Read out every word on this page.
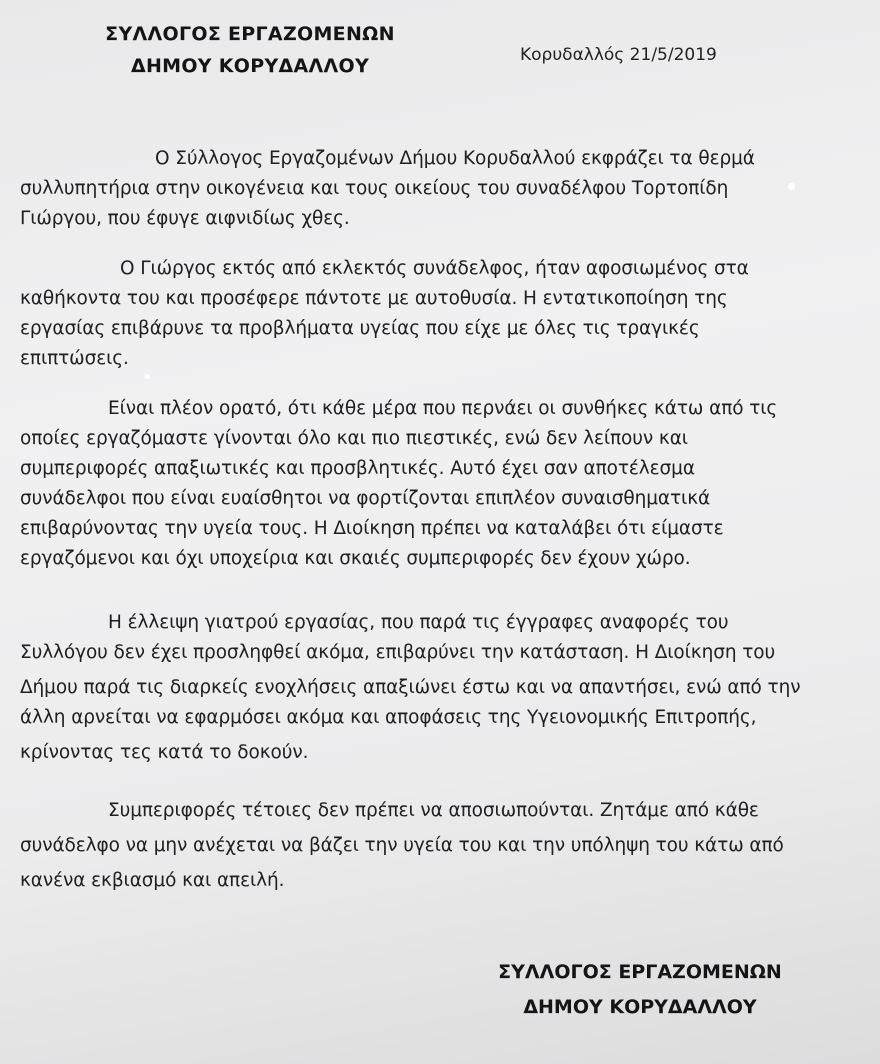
ΣΥΛΛΟΓΟΣ ΕΡΓΑΖΟΜΕΝΩΝ
ΔΗΜΟΥ ΚΟΡΥΔΑΛΛΟΥ	Κορυδαλλός 21/5/2019
Ο Σύλλογος Εργαζομένων Δήμου Κορυδαλλού εκφράζει τα θερμά
συλλυπητήρια στην οικογένεια και τους οικείους του συναδέλφου Τορτοπίδη
Γιώργου, που έφυγε αιφνιδίως χθες.
Ο Γιώργος εκτός από εκλεκτός συνάδελφος, ήταν αφοσιωμένος στα
καθήκοντα του και προσέφερε πάντοτε με αυτοθυσία. Η εντατικοποίηση της
εργασίας επιβάρυνε τα προβλήματα υγείας που είχε με όλες τις τραγικές
επιπτώσεις.
Είναι πλέον ορατό, ότι κάθε μέρα που περνάει οι συνθήκες κάτω από τις
οποίες εργαζόμαστε γίνονται όλο και πιο πιεστικές, ενώ δεν λείπουν και
συμπεριφορές απαξιωτικές και προσβλητικές. Αυτό έχει σαν αποτέλεσμα
συνάδελφοι που είναι ευαίσθητοι να φορτίζονται επιπλέον συναισθηματικά
επιβαρύνοντας την υγεία τους. Η Διοίκηση πρέπει να καταλάβει ότι είμαστε
εργαζόμενοι και όχι υποχείρια και σκαιές συμπεριφορές δεν έχουν χώρο.
Η έλλειψη γιατρού εργασίας, που παρά τις έγγραφες αναφορές του
Συλλόγου δεν έχει προσληφθεί ακόμα, επιβαρύνει την κατάσταση. Η Διοίκηση του
Δήμου παρά τις διαρκείς ενοχλήσεις απαξιώνει έστω και να απαντήσει, ενώ από την
άλλη αρνείται να εφαρμόσει ακόμα και αποφάσεις της Υγειονομικής Επιτροπής,
κρίνοντας τες κατά το δοκούν.
Συμπεριφορές τέτοιες δεν πρέπει να αποσιωπούνται. Ζητάμε από κάθε
συνάδελφο να μην ανέχεται να βάζει την υγεία του και την υπόληψη του κάτω από
κανένα εκβιασμό και απειλή.
ΣΥΛΛΟΓΟΣ ΕΡΓΑΖΟΜΕΝΩΝ
ΔΗΜΟΥ ΚΟΡΥΔΑΛΛΟΥ
